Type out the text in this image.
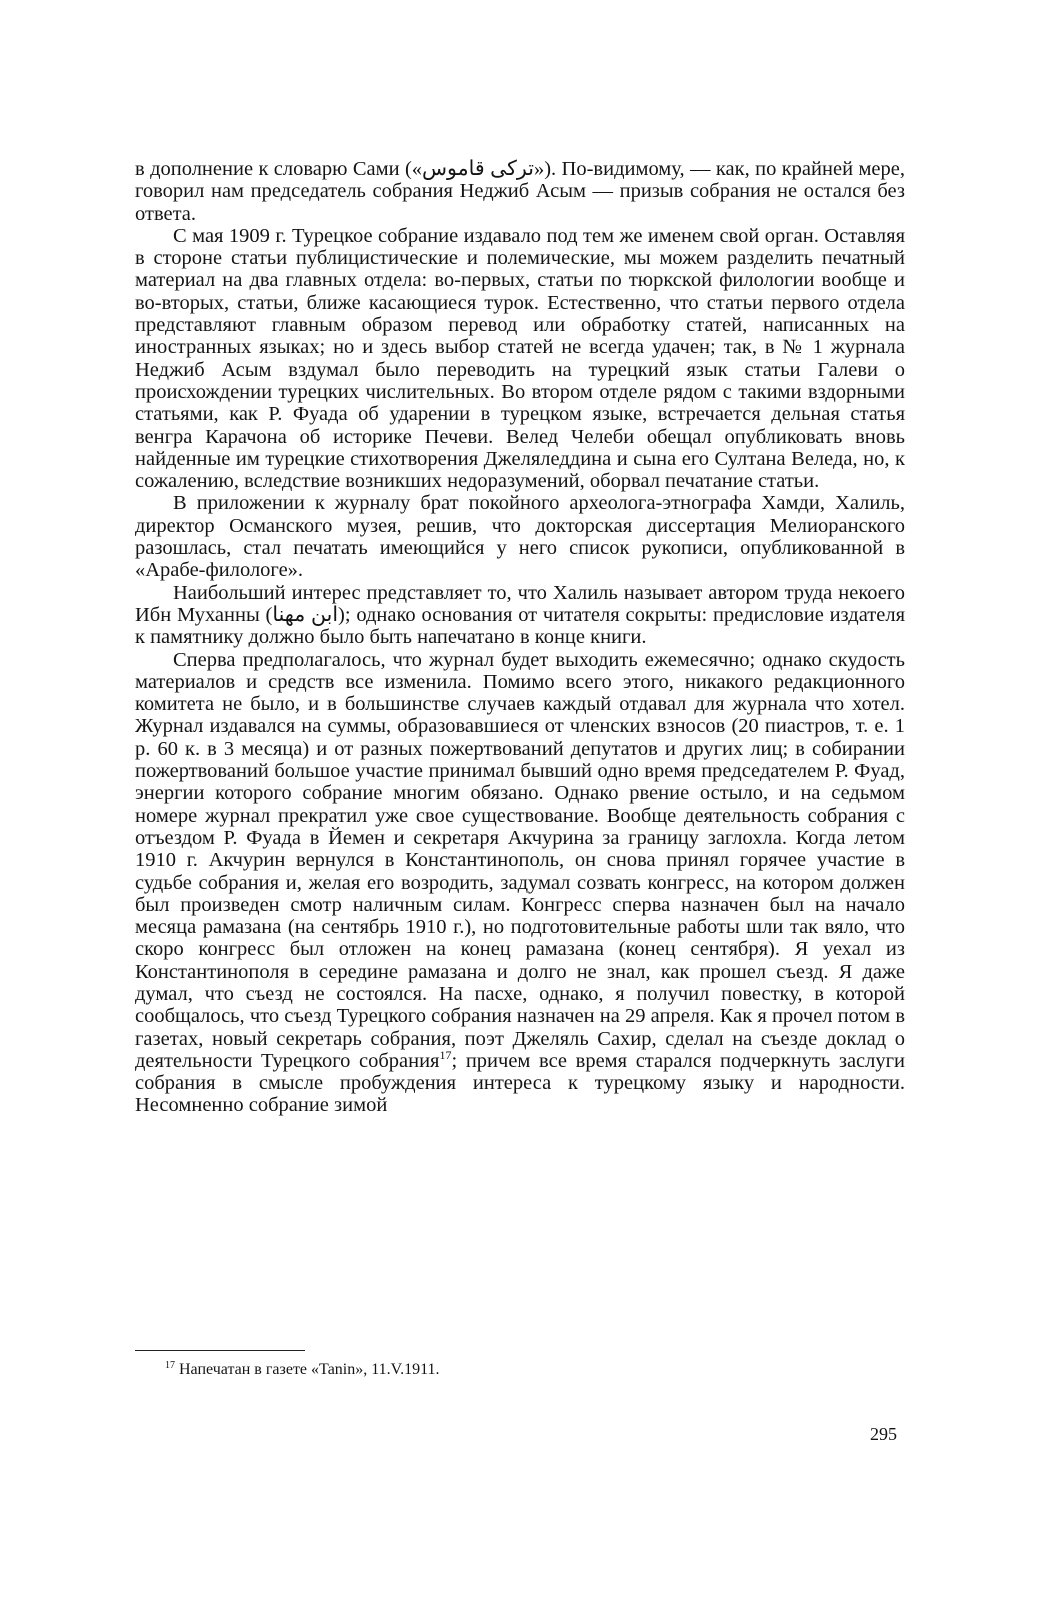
в дополнение к словарю Сами («تركى قاموس»). По-видимому, — как, по крайней мере, говорил нам председатель собрания Неджиб Асым — призыв собрания не остался без ответа.

С мая 1909 г. Турецкое собрание издавало под тем же именем свой орган. Оставляя в стороне статьи публицистические и полемические, мы можем разделить печатный материал на два главных отдела: во-первых, статьи по тюркской филологии вообще и во-вторых, статьи, ближе касающиеся турок. Естественно, что статьи первого отдела представляют главным образом перевод или обработку статей, написанных на иностранных языках; но и здесь выбор статей не всегда удачен; так, в № 1 журнала Неджиб Асым вздумал было переводить на турецкий язык статьи Галеви о происхождении турецких числительных. Во втором отделе рядом с такими вздорными статьями, как Р. Фуада об ударении в турецком языке, встречается дельная статья венгра Карачона об историке Печеви. Велед Челеби обещал опубликовать вновь найденные им турецкие стихотворения Джеляледдина и сына его Султана Веледа, но, к сожалению, вследствие возникших недоразумений, оборвал печатание статьи.

В приложении к журналу брат покойного археолога-этнографа Хамди, Халиль, директор Османского музея, решив, что докторская диссертация Мелиоранского разошлась, стал печатать имеющийся у него список рукописи, опубликованной в «Арабе-филологе».

Наибольший интерес представляет то, что Халиль называет автором труда некоего Ибн Муханны (ابن مهنا); однако основания от читателя сокрыты: предисловие издателя к памятнику должно было быть напечатано в конце книги.

Сперва предполагалось, что журнал будет выходить ежемесячно; однако скудость материалов и средств все изменила. Помимо всего этого, никакого редакционного комитета не было, и в большинстве случаев каждый отдавал для журнала что хотел. Журнал издавался на суммы, образовавшиеся от членских взносов (20 пиастров, т. е. 1 р. 60 к. в 3 месяца) и от разных пожертвований депутатов и других лиц; в собирании пожертвований большое участие принимал бывший одно время председателем Р. Фуад, энергии которого собрание многим обязано. Однако рвение остыло, и на седьмом номере журнал прекратил уже свое существование. Вообще деятельность собрания с отъездом Р. Фуада в Йемен и секретаря Акчурина за границу заглохла. Когда летом 1910 г. Акчурин вернулся в Константинополь, он снова принял горячее участие в судьбе собрания и, желая его возродить, задумал созвать конгресс, на котором должен был произведен смотр наличным силам. Конгресс сперва назначен был на начало месяца рамазана (на сентябрь 1910 г.), но подготовительные работы шли так вяло, что скоро конгресс был отложен на конец рамазана (конец сентября). Я уехал из Константинополя в середине рамазана и долго не знал, как прошел съезд. Я даже думал, что съезд не состоялся. На пасхе, однако, я получил повестку, в которой сообщалось, что съезд Турецкого собрания назначен на 29 апреля. Как я прочел потом в газетах, новый секретарь собрания, поэт Джеляль Сахир, сделал на съезде доклад о деятельности Турецкого собрания$^{17}$; причем все время старался подчеркнуть заслуги собрания в смысле пробуждения интереса к турецкому языку и народности. Несомненно собрание зимой

$^{17}$ Напечатан в газете «Tanin», 11.V.1911.
295
